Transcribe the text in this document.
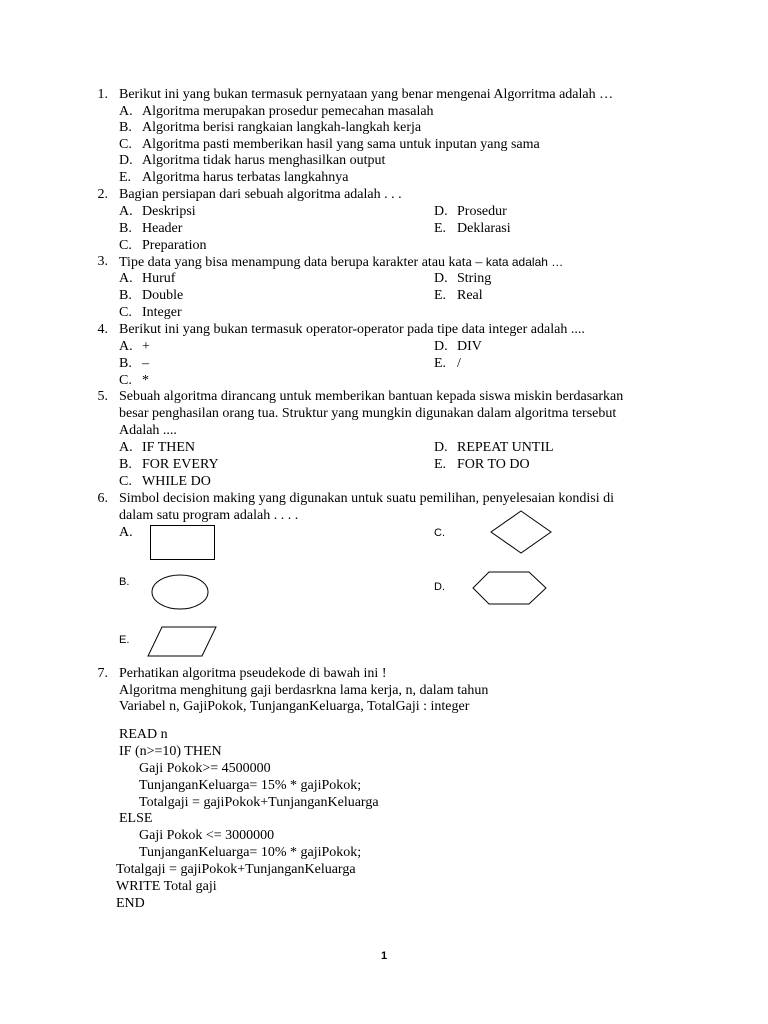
1. Berikut ini yang bukan termasuk pernyataan yang benar mengenai Algorritma adalah …
A. Algoritma merupakan prosedur pemecahan masalah
B. Algoritma berisi rangkaian langkah-langkah kerja
C. Algoritma pasti memberikan hasil yang sama untuk inputan yang sama
D. Algoritma tidak harus menghasilkan output
E. Algoritma harus terbatas langkahnya
2. Bagian persiapan dari sebuah algoritma adalah . . .
A. Deskripsi
B. Header
C. Preparation
D. Prosedur
E. Deklarasi
3. Tipe data yang bisa menampung data berupa karakter atau kata – kata adalah …
A. Huruf
B. Double
C. Integer
D. String
E. Real
4. Berikut ini yang bukan termasuk operator-operator pada tipe data integer adalah ....
A. +
B. –
C. *
D. DIV
E. /
5. Sebuah algoritma dirancang untuk memberikan bantuan kepada siswa miskin berdasarkan
besar penghasilan orang tua. Struktur yang mungkin digunakan dalam algoritma tersebut
Adalah ....
A. IF THEN
B. FOR EVERY
C. WHILE DO
D. REPEAT UNTIL
E. FOR TO DO
6. Simbol decision making yang digunakan untuk suatu pemilihan, penyelesaian kondisi di
dalam satu program adalah . . . .
A.	C.
B.	D.
E.
7. Perhatikan algoritma pseudekode di bawah ini !
Algoritma menghitung gaji berdasrkna lama kerja, n, dalam tahun
Variabel n, GajiPokok, TunjanganKeluarga, TotalGaji : integer
READ n
IF (n>=10) THEN
Gaji Pokok>= 4500000
TunjanganKeluarga= 15% * gajiPokok;
Totalgaji = gajiPokok+TunjanganKeluarga
ELSE
Gaji Pokok <= 3000000
TunjanganKeluarga= 10% * gajiPokok;
Totalgaji = gajiPokok+TunjanganKeluarga
WRITE Total gaji
END
1
